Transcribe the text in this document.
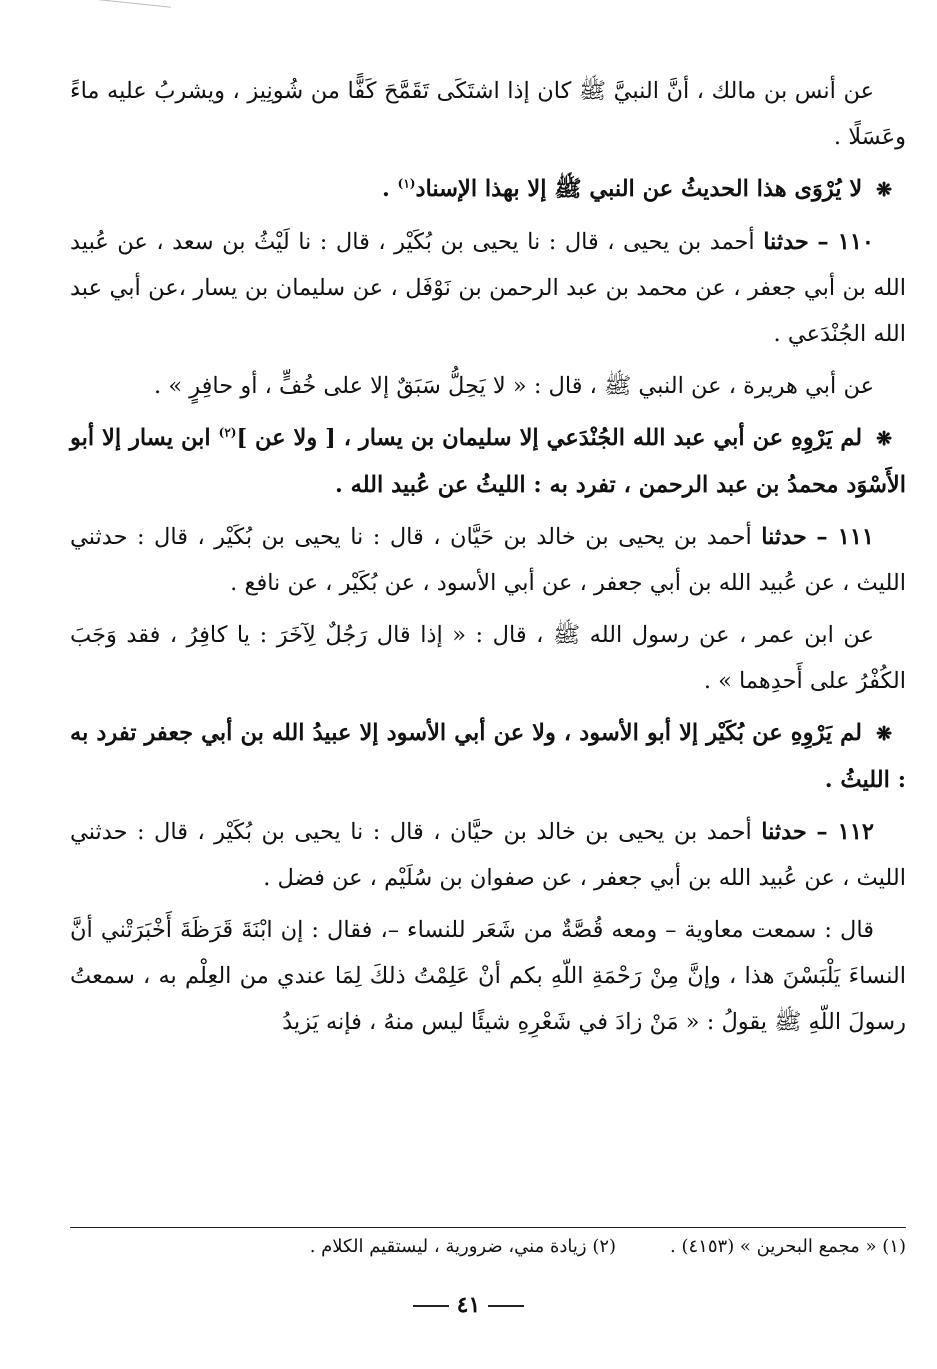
عن أنس بن مالك ، أنَّ النبيَّ ﷺ كان إذا اشتَكَى تَقَمَّحَ كَفًّا من شُونِيز ، ويشربُ عليه ماءً وعَسَلًا .

❋ لا يُرْوَى هذا الحديثُ عن النبي ﷺ إلا بهذا الإسناد$^{(١)}$ .

١١٠ – حدثنا أحمد بن يحيى ، قال : نا يحيى بن بُكَيْر ، قال : نا لَيْثُ بن سعد ، عن عُبيد الله بن أبي جعفر ، عن محمد بن عبد الرحمن بن نَوْفَل ، عن سليمان بن يسار ،عن أبي عبد الله الجُنْدَعي .

عن أبي هريرة ، عن النبي ﷺ ، قال : « لا يَحِلُّ سَبَقٌ إلا على خُفٍّ ، أو حافِرٍ » .

❋ لم يَرْوِهِ عن أبي عبد الله الجُنْدَعي إلا سليمان بن يسار ، [ ولا عن ]$^{(٢)}$ ابن يسار إلا أبو الأَسْوَد محمدُ بن عبد الرحمن ، تفرد به : الليثُ عن عُبيد الله .

١١١ – حدثنا أحمد بن يحيى بن خالد بن حَيَّان ، قال : نا يحيى بن بُكَيْر ، قال : حدثني الليث ، عن عُبيد الله بن أبي جعفر ، عن أبي الأسود ، عن بُكَيْر ، عن نافع .

عن ابن عمر ، عن رسول الله ﷺ ، قال : « إذا قال رَجُلٌ لِآخَرَ : يا كافِرُ ، فقد وَجَبَ الكُفْرُ على أَحدِهما » .

❋ لم يَرْوِهِ عن بُكَيْر إلا أبو الأسود ، ولا عن أبي الأسود إلا عبيدُ الله بن أبي جعفر تفرد به : الليثُ .

١١٢ – حدثنا أحمد بن يحيى بن خالد بن حيَّان ، قال : نا يحيى بن بُكَيْر ، قال : حدثني الليث ، عن عُبيد الله بن أبي جعفر ، عن صفوان بن سُلَيْم ، عن فضل .

قال : سمعت معاوية – ومعه قُصَّةٌ من شَعَر للنساء –، فقال : إن ابْنَةَ قَرَظَةَ أَخْبَرَتْني أنَّ النساءَ يَلْبَسْنَ هذا ، وإنَّ مِنْ رَحْمَةِ اللّهِ بكم أنْ عَلِمْتُ ذلكَ لِمَا عندي من العِلْم به ، سمعتُ رسولَ اللّهِ ﷺ يقولُ : « مَنْ زادَ في شَعْرِهِ شيئًا ليس منهُ ، فإنه يَزيدُ

(١) « مجمع البحرين » (٤١٥٣) .
(٢) زيادة مني، ضرورية ، ليستقيم الكلام .
٤١
